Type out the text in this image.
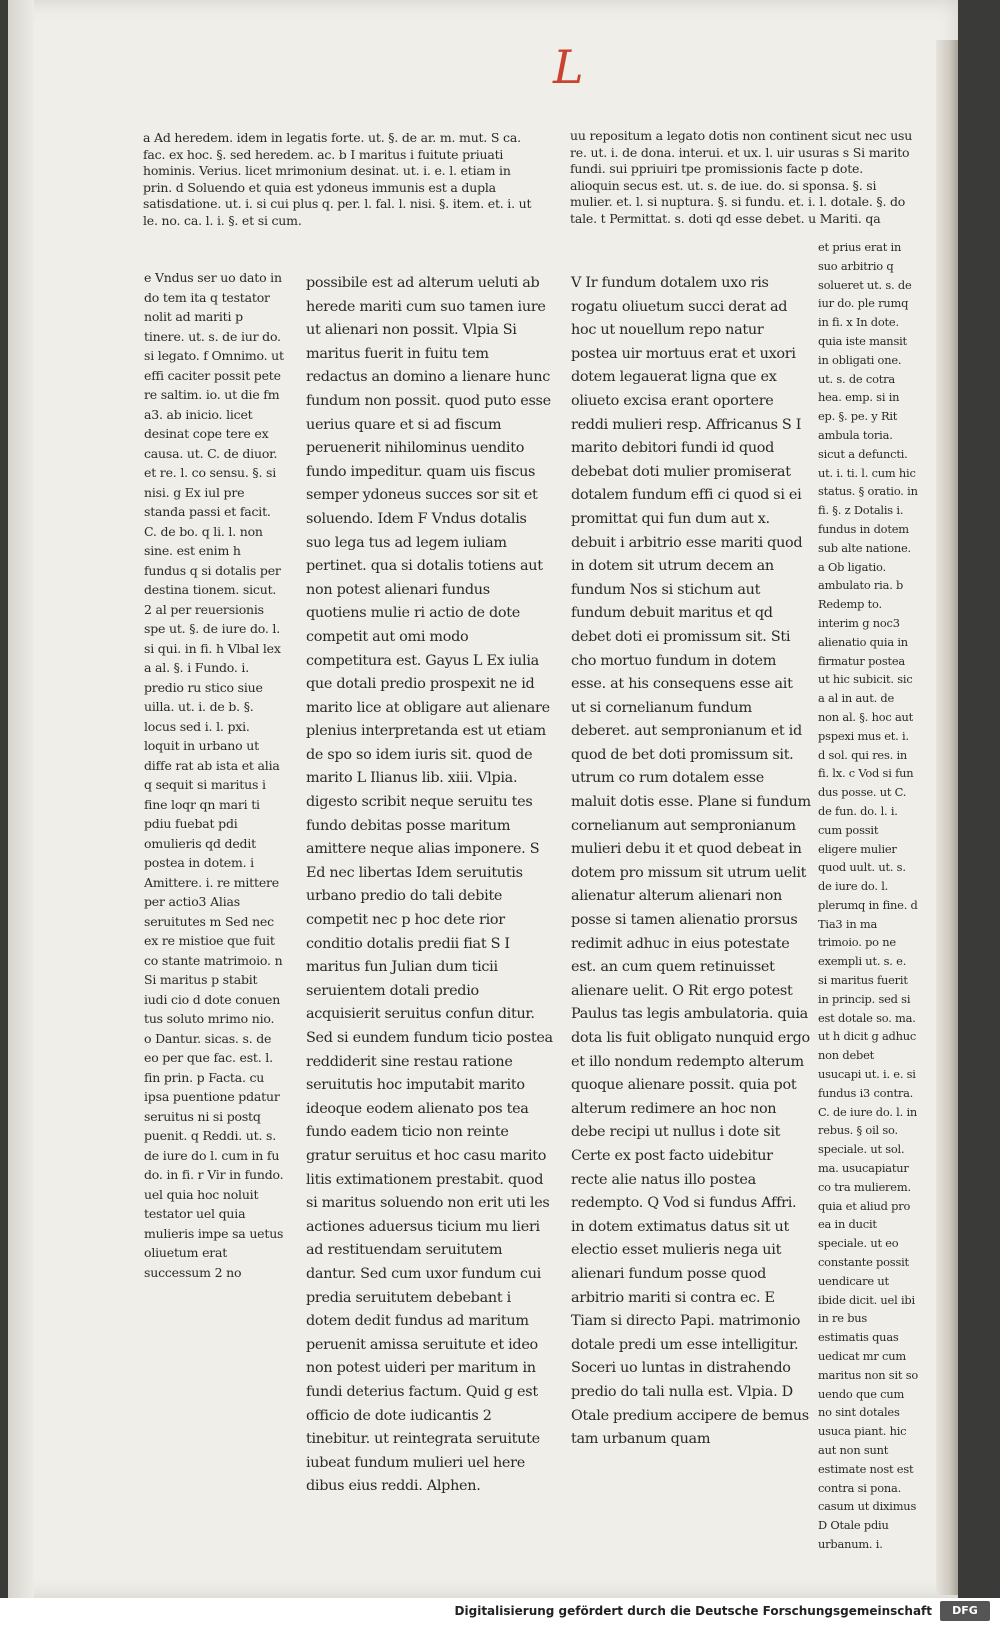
L

a Ad heredem. idem in legatis forte. ut. §. de ar. m. mut. S ca. fac. ex hoc. §. sed heredem. ac. b I maritus i fuitute priuati hominis. Verius. licet mrimonium desinat. ut. i. e. l. etiam in prin. d Soluendo et quia est ydoneus immunis est a dupla satisdatione. ut. i. si cui plus q. per. l. fal. l. nisi. §. item. et. i. ut le. no. ca. l. i. §. et si cum.

uu repositum a legato dotis non continent sicut nec usu re. ut. i. de dona. interui. et ux. l. uir usuras s Si marito fundi. sui ppriuiri tpe promissionis facte p dote. alioquin secus est. ut. s. de iue. do. si sponsa. §. si mulier. et. l. si nuptura. §. si fundu. et. i. l. dotale. §. do tale. t Permittat. s. doti qd esse debet. u Mariti. qa

e Vndus ser uo dato in do tem ita q testator nolit ad mariti p tinere. ut. s. de iur do. si legato. f Omnimo. ut effi caciter possit pete re saltim. io. ut die fm a3. ab inicio. licet desinat cope tere ex causa. ut. C. de diuor. et re. l. co sensu. §. si nisi. g Ex iul pre standa passi et facit. C. de bo. q li. l. non sine. est enim h fundus q si dotalis per destina tionem. sicut. 2 al per reuersionis spe ut. §. de iure do. l. si qui. in fi. h Vlbal lex a al. §. i Fundo. i. predio ru stico siue uilla. ut. i. de b. §. locus sed i. l. pxi. loquit in urbano ut diffe rat ab ista et alia q sequit si maritus i fine loqr qn mari ti pdiu fuebat pdi omulieris qd dedit postea in dotem. i Amittere. i. re mittere per actio3 Alias seruitutes m Sed nec ex re mistioe que fuit co stante matrimoio. n Si maritus p stabit iudi cio d dote conuen tus soluto mrimo nio. o Dantur. sicas. s. de eo per que fac. est. l. fin prin. p Facta. cu ipsa puentione pdatur seruitus ni si postq puenit. q Reddi. ut. s. de iure do l. cum in fu do. in fi. r Vir in fundo. uel quia hoc noluit testator uel quia mulieris impe sa uetus oliuetum erat successum 2 no

possibile est ad alterum ueluti ab herede mariti cum suo tamen iure ut alienari non possit. Vlpia Si maritus fuerit in fuitu tem redactus an domino a lienare hunc fundum non possit. quod puto esse uerius quare et si ad fiscum peruenerit nihilominus uendito fundo impeditur. quam uis fiscus semper ydoneus succes sor sit et soluendo. Idem F Vndus dotalis suo lega tus ad legem iuliam pertinet. qua si dotalis totiens aut non potest alienari fundus quotiens mulie ri actio de dote competit aut omi modo competitura est. Gayus L Ex iulia que dotali predio prospexit ne id marito lice at obligare aut alienare plenius interpretanda est ut etiam de spo so idem iuris sit. quod de marito L Ilianus lib. xiii. Vlpia. digesto scribit neque seruitu tes fundo debitas posse maritum amittere neque alias imponere. S Ed nec libertas Idem seruitutis urbano predio do tali debite competit nec p hoc dete rior conditio dotalis predii fiat S I maritus fun Julian dum ticii seruientem dotali predio acquisierit seruitus confun ditur. Sed si eundem fundum ticio postea reddiderit sine restau ratione seruitutis hoc imputabit marito ideoque eodem alienato pos tea fundo eadem ticio non reinte gratur seruitus et hoc casu marito litis extimationem prestabit. quod si maritus soluendo non erit uti les actiones aduersus ticium mu lieri ad restituendam seruitutem dantur. Sed cum uxor fundum cui predia seruitutem debebant i dotem dedit fundus ad maritum peruenit amissa seruitute et ideo non potest uideri per maritum in fundi deterius factum. Quid g est officio de dote iudicantis 2 tinebitur. ut reintegrata seruitute iubeat fundum mulieri uel here dibus eius reddi. Alphen.

V Ir fundum dotalem uxo ris rogatu oliuetum succi derat ad hoc ut nouellum repo natur postea uir mortuus erat et uxori dotem legauerat ligna que ex oliueto excisa erant oportere reddi mulieri resp. Affricanus S I marito debitori fundi id quod debebat doti mulier promiserat dotalem fundum effi ci quod si ei promittat qui fun dum aut x. debuit i arbitrio esse mariti quod in dotem sit utrum decem an fundum Nos si stichum aut fundum debuit maritus et qd debet doti ei promissum sit. Sti cho mortuo fundum in dotem esse. at his consequens esse ait ut si cornelianum fundum deberet. aut sempronianum et id quod de bet doti promissum sit. utrum co rum dotalem esse maluit dotis esse. Plane si fundum cornelianum aut sempronianum mulieri debu it et quod debeat in dotem pro missum sit utrum uelit alienatur alterum alienari non posse si tamen alienatio prorsus redimit adhuc in eius potestate est. an cum quem retinuisset alienare uelit. O Rit ergo potest Paulus tas legis ambulatoria. quia dota lis fuit obligato nunquid ergo et illo nondum redempto alterum quoque alienare possit. quia pot alterum redimere an hoc non debe recipi ut nullus i dote sit Certe ex post facto uidebitur recte alie natus illo postea redempto. Q Vod si fundus Affri. in dotem extimatus datus sit ut electio esset mulieris nega uit alienari fundum posse quod arbitrio mariti si contra ec. E Tiam si directo Papi. matrimonio dotale predi um esse intelligitur. Soceri uo luntas in distrahendo predio do tali nulla est. Vlpia. D Otale predium accipere de bemus tam urbanum quam

et prius erat in suo arbitrio q solueret ut. s. de iur do. ple rumq in fi. x In dote. quia iste mansit in obligati one. ut. s. de cotra hea. emp. si in ep. §. pe. y Rit ambula toria. sicut a defuncti. ut. i. ti. l. cum hic status. § oratio. in fi. §. z Dotalis i. fundus in dotem sub alte natione. a Ob ligatio. ambulato ria. b Redemp to. interim g noc3 alienatio quia in firmatur postea ut hic subicit. sic a al in aut. de non al. §. hoc aut pspexi mus et. i. d sol. qui res. in fi. lx. c Vod si fun dus posse. ut C. de fun. do. l. i. cum possit eligere mulier quod uult. ut. s. de iure do. l. plerumq in fine. d Tia3 in ma trimoio. po ne exempli ut. s. e. si maritus fuerit in princip. sed si est dotale so. ma. ut h dicit g adhuc non debet usucapi ut. i. e. si fundus i3 contra. C. de iure do. l. in rebus. § oil so. speciale. ut sol. ma. usucapiatur co tra mulierem. quia et aliud pro ea in ducit speciale. ut eo constante possit uendicare ut ibide dicit. uel ibi in re bus estimatis quas uedicat mr cum maritus non sit so uendo que cum no sint dotales usuca piant. hic aut non sunt estimate nost est contra si pona. casum ut diximus D Otale pdiu urbanum. i.

Digitalisierung gefördert durch die Deutsche Forschungsgemeinschaft	DFG
